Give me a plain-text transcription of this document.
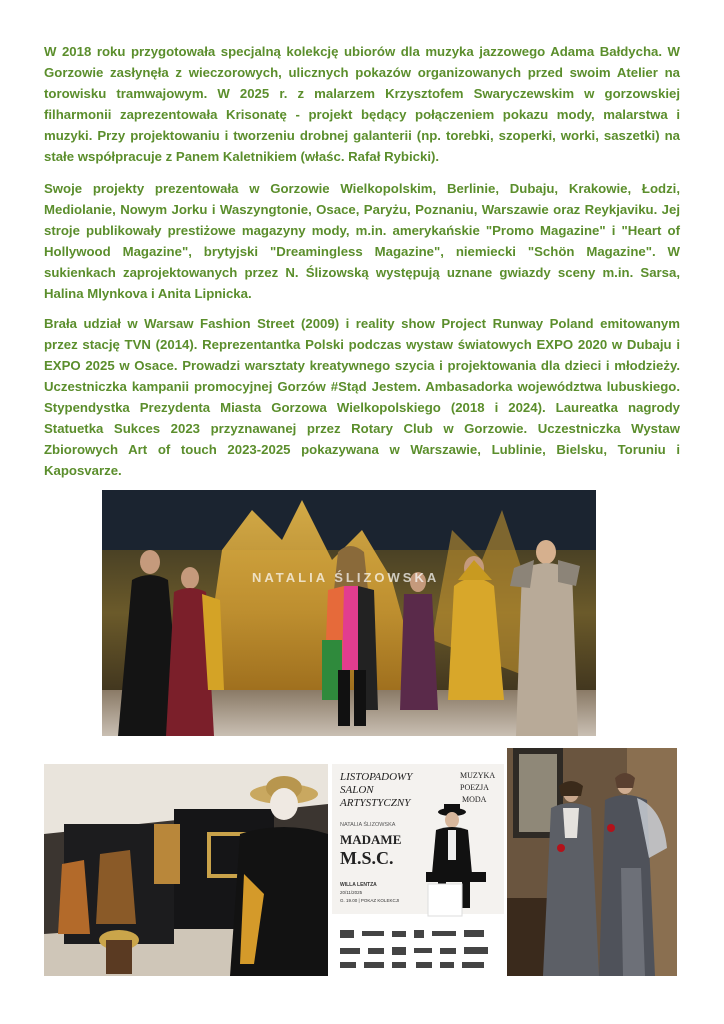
W 2018 roku przygotowała specjalną kolekcję ubiorów dla muzyka jazzowego Adama Bałdycha. W Gorzowie zasłynęła z wieczorowych, ulicznych pokazów organizowanych przed swoim Atelier na torowisku tramwajowym. W 2025 r. z malarzem Krzysztofem Swaryczewskim w gorzowskiej filharmonii zaprezentowała Krisonatę - projekt będący połączeniem pokazu mody, malarstwa i muzyki. Przy projektowaniu i tworzeniu drobnej galanterii (np. torebki, szoperki, worki, saszetki) na stałe współpracuje z Panem Kaletnikiem (właśc. Rafał Rybicki).

Swoje projekty prezentowała w Gorzowie Wielkopolskim, Berlinie, Dubaju, Krakowie, Łodzi, Mediolanie, Nowym Jorku i Waszyngtonie, Osace, Paryżu, Poznaniu, Warszawie oraz Reykjaviku. Jej stroje publikowały prestiżowe magazyny mody, m.in. amerykańskie "Promo Magazine" i "Heart of Hollywood Magazine", brytyjski "Dreamingless Magazine", niemiecki "Schön Magazine". W sukienkach zaprojektowanych przez N. Ślizowską występują uznane gwiazdy sceny m.in. Sarsa, Halina Mlynkova i Anita Lipnicka.

Brała udział w Warsaw Fashion Street (2009) i reality show Project Runway Poland emitowanym przez stację TVN (2014). Reprezentantka Polski podczas wystaw światowych EXPO 2020 w Dubaju i EXPO 2025 w Osace. Prowadzi warsztaty kreatywnego szycia i projektowania dla dzieci i młodzieży. Uczestniczka kampanii promocyjnej Gorzów #Stąd Jestem. Ambasadorka województwa lubuskiego. Stypendystka Prezydenta Miasta Gorzowa Wielkopolskiego (2018 i 2024). Laureatka nagrody Statuetka Sukces 2023 przyznawanej przez Rotary Club w Gorzowie. Uczestniczka Wystaw Zbiorowych Art of touch 2023-2025 pokazywana w Warszawie, Lublinie, Bielsku, Toruniu i Kaposvarze.

NATALIA ŚLIZOWSKA
LISTOPADOWY
SALON
ARTYSTYCZNY
MUZYKA
POEZJA
MODA
NATALIA ŚLIZOWSKA
MADAME
M.S.C.
WILLA LENTZA
20/11/2025
G. 19.00 | POKAZ KOLEKCJI
